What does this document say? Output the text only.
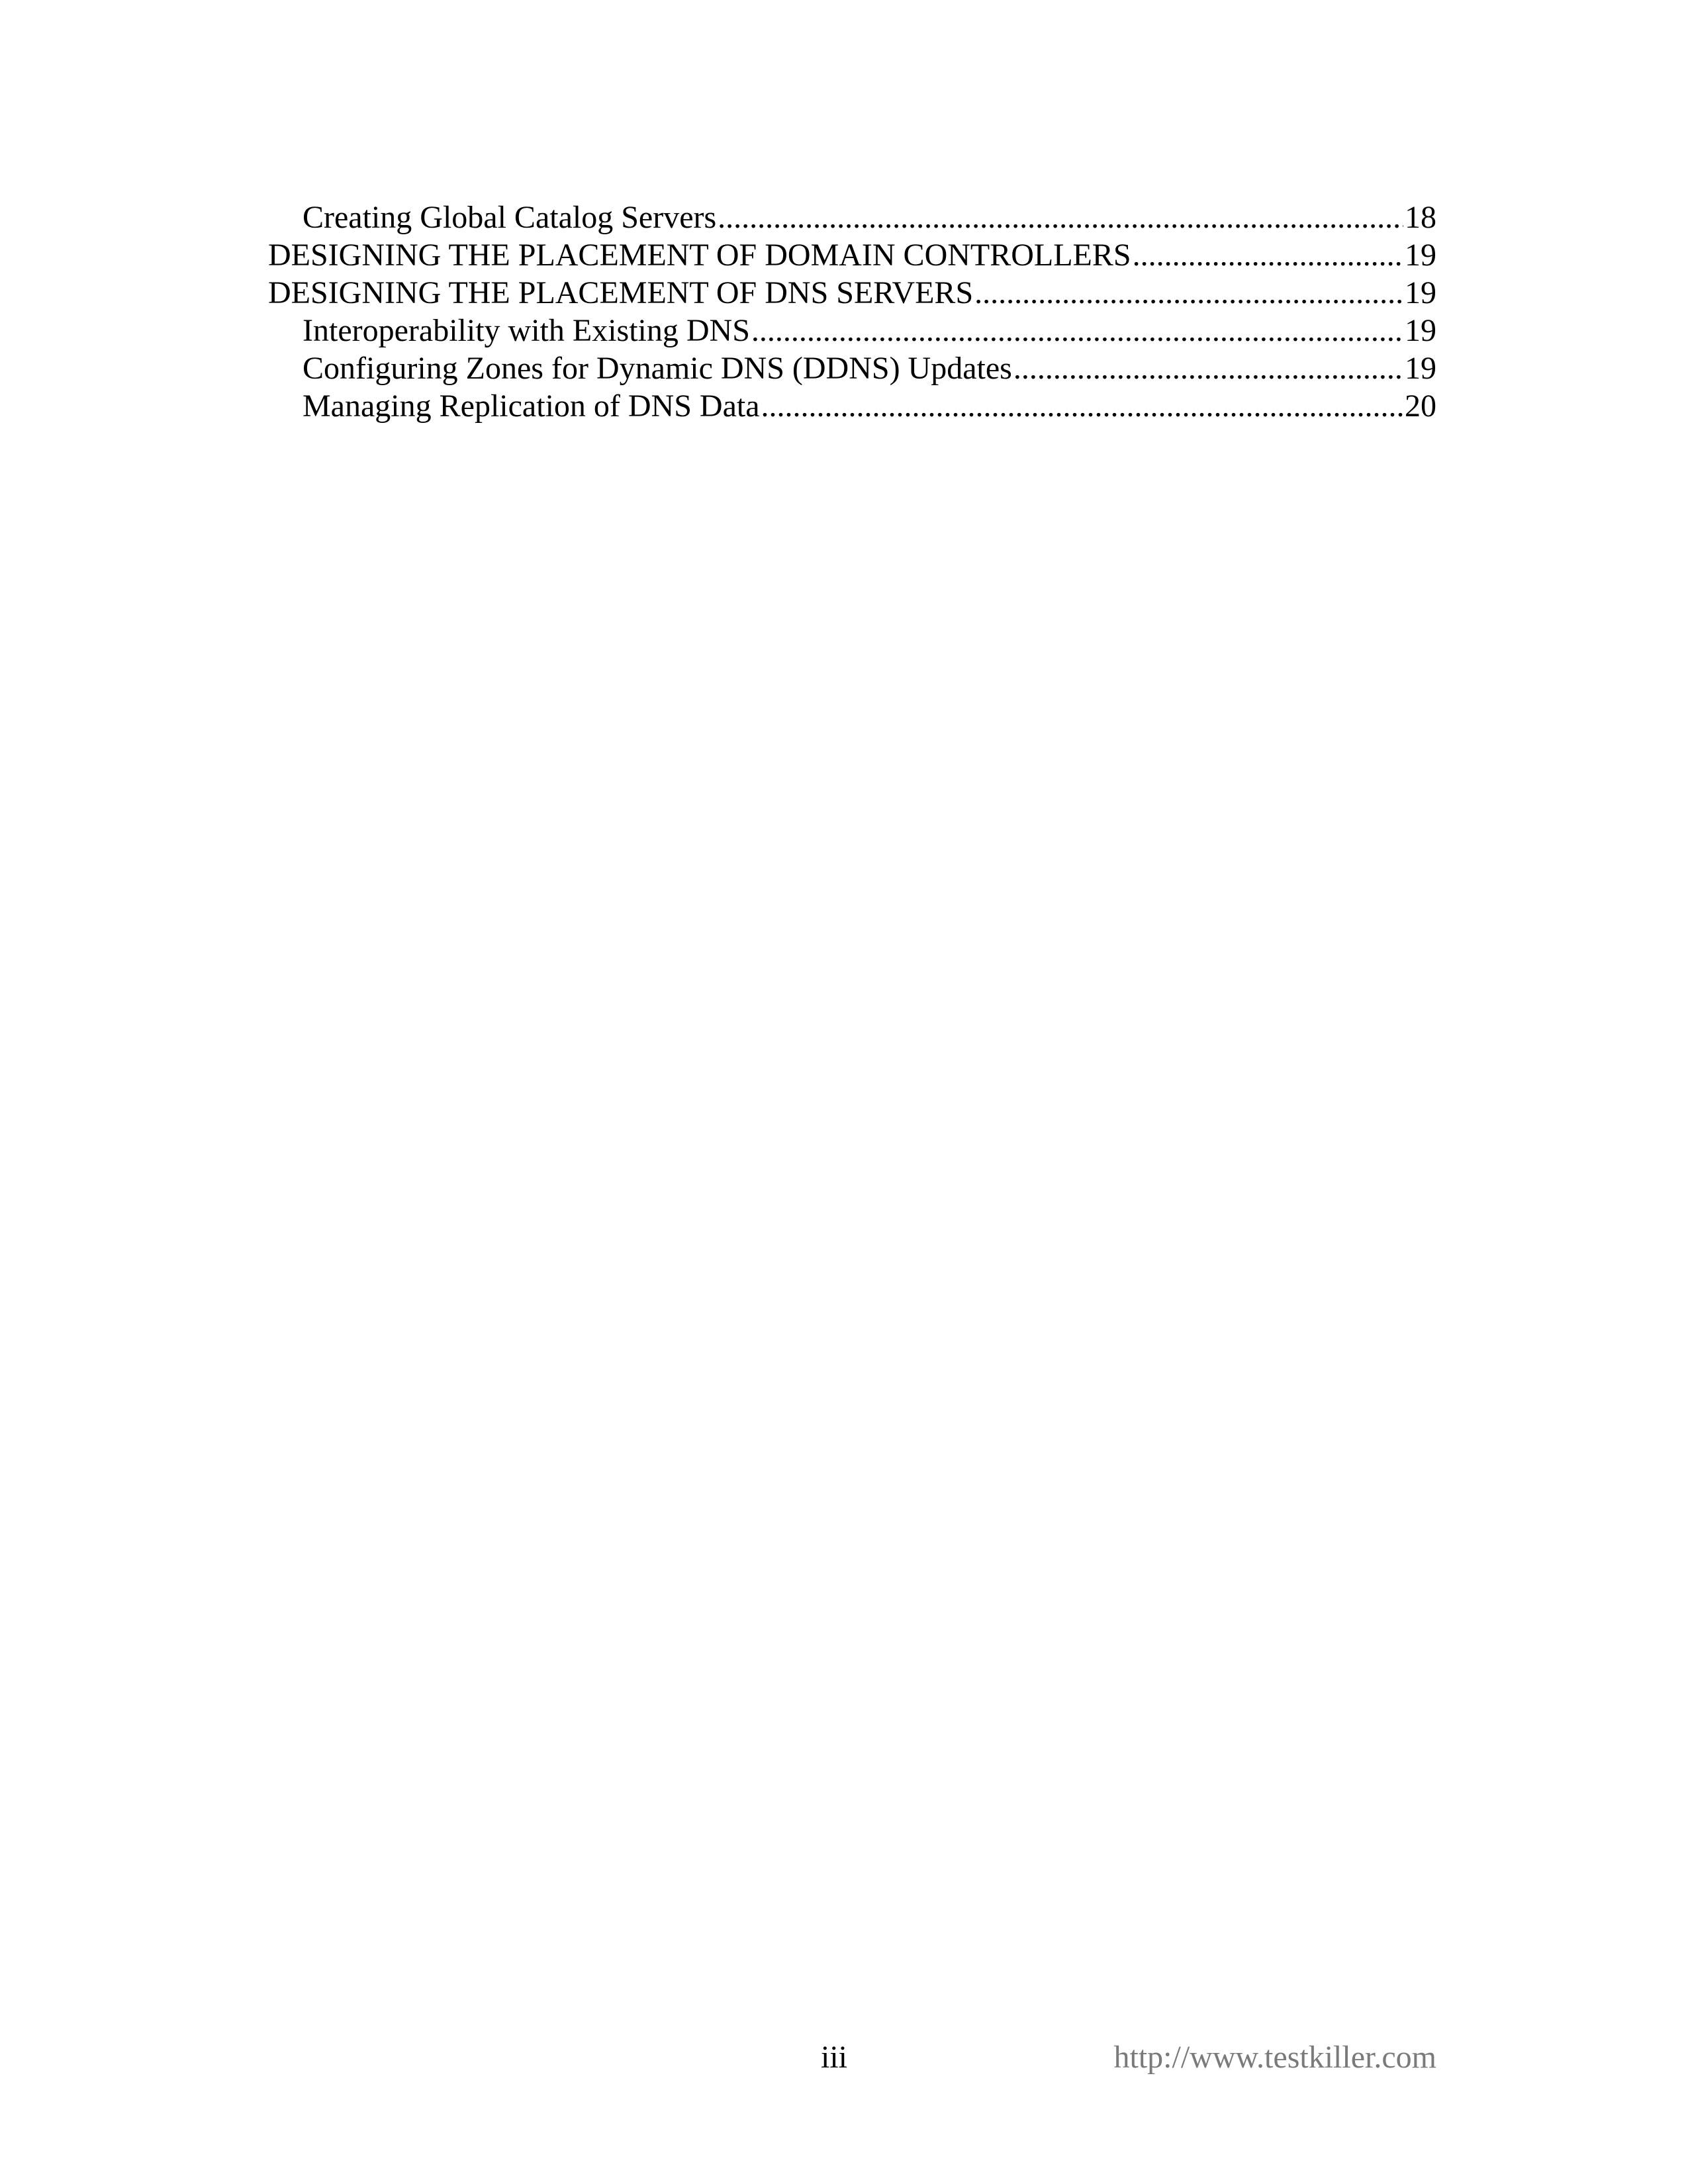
Creating Global Catalog Servers .....	18
DESIGNING THE PLACEMENT OF DOMAIN CONTROLLERS .....	19
DESIGNING THE PLACEMENT OF DNS SERVERS .....	19
Interoperability with Existing DNS .....	19
Configuring Zones for Dynamic DNS (DDNS) Updates .....	19
Managing Replication of DNS Data .....	20
iii	http://www.testkiller.com
